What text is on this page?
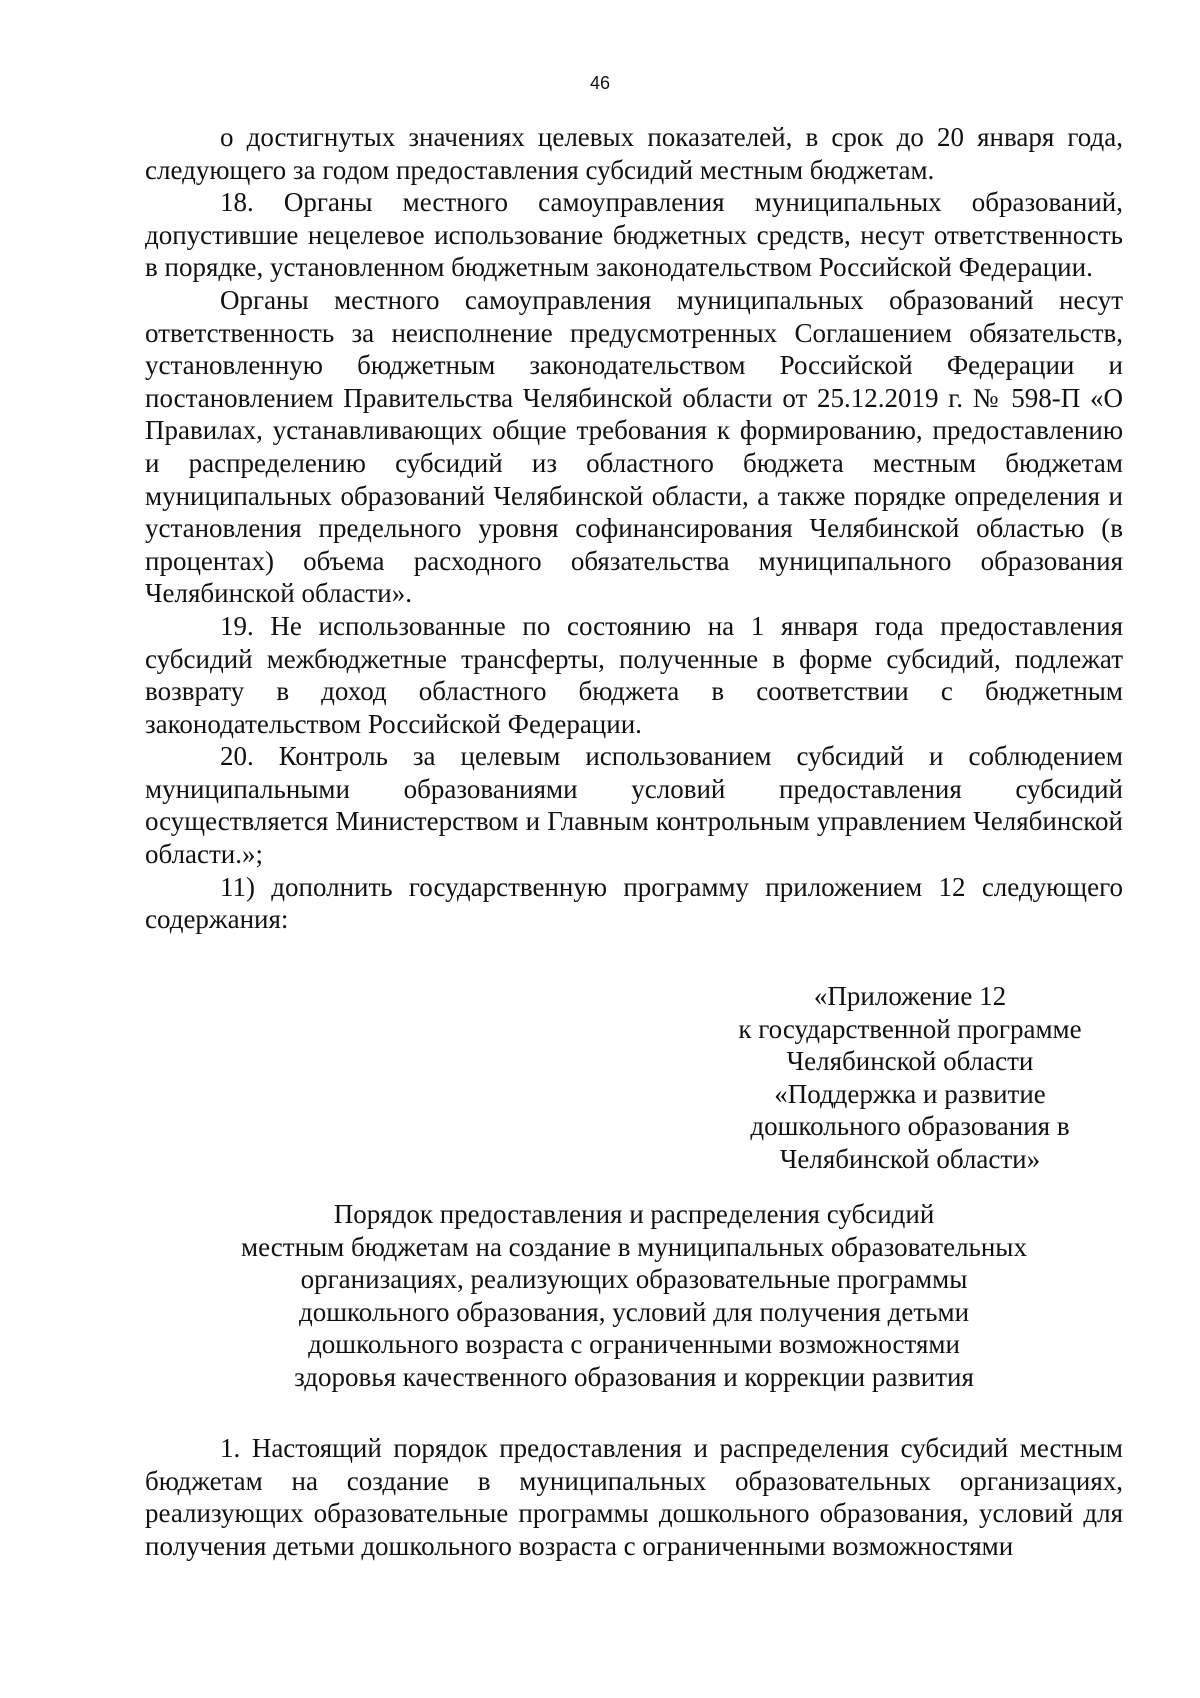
46

о достигнутых значениях целевых показателей, в срок до 20 января года, следующего за годом предоставления субсидий местным бюджетам.

18. Органы местного самоуправления муниципальных образований, допустившие нецелевое использование бюджетных средств, несут ответственность в порядке, установленном бюджетным законодательством Российской Федерации.

Органы местного самоуправления муниципальных образований несут ответственность за неисполнение предусмотренных Соглашением обязательств, установленную бюджетным законодательством Российской Федерации и постановлением Правительства Челябинской области от 25.12.2019 г. № 598-П «О Правилах, устанавливающих общие требования к формированию, предоставлению и распределению субсидий из областного бюджета местным бюджетам муниципальных образований Челябинской области, а также порядке определения и установления предельного уровня софинансирования Челябинской областью (в процентах) объема расходного обязательства муниципального образования Челябинской области».

19. Не использованные по состоянию на 1 января года предоставления субсидий межбюджетные трансферты, полученные в форме субсидий, подлежат возврату в доход областного бюджета в соответствии с бюджетным законодательством Российской Федерации.

20. Контроль за целевым использованием субсидий и соблюдением муниципальными образованиями условий предоставления субсидий осуществляется Министерством и Главным контрольным управлением Челябинской области.»;

11) дополнить государственную программу приложением 12 следующего содержания:

«Приложение 12
к государственной программе
Челябинской области
«Поддержка и развитие
дошкольного образования в
Челябинской области»
Порядок предоставления и распределения субсидий
местным бюджетам на создание в муниципальных образовательных
организациях, реализующих образовательные программы
дошкольного образования, условий для получения детьми
дошкольного возраста с ограниченными возможностями
здоровья качественного образования и коррекции развития

1. Настоящий порядок предоставления и распределения субсидий местным бюджетам на создание в муниципальных образовательных организациях, реализующих образовательные программы дошкольного образования, условий для получения детьми дошкольного возраста с ограниченными возможностями
